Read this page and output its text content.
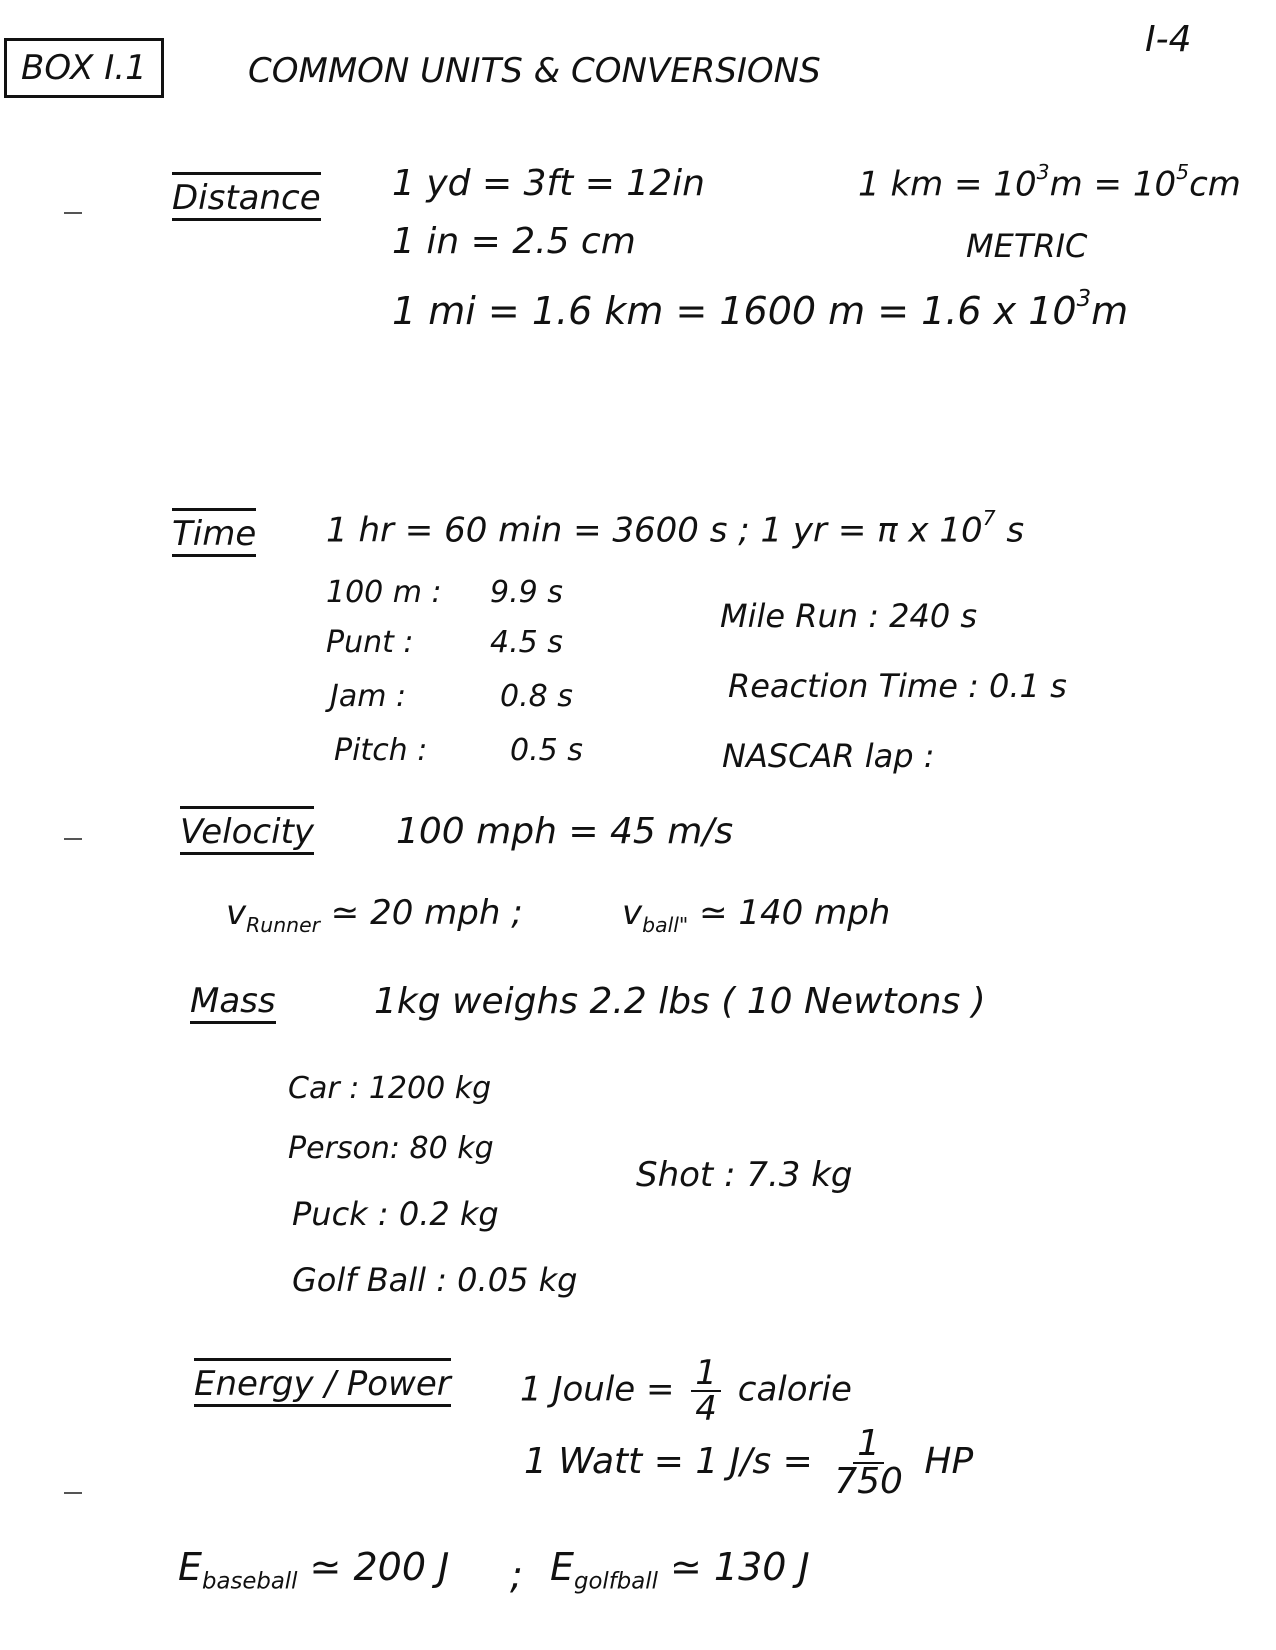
BOX I.1	COMMON UNITS & CONVERSIONS
I-4
Distance 1 yd = 3ft = 12in
1 in = 2.5 cm
1 mi = 1.6 km = 1600 m = 1.6 x $10^3m$
1 km = $10^3m = 10^5cm$
METRIC
Time 1 hr = 60 min = 3600 s ; 1 yr = π x $10^7$ s
100 m : 9.9 s
Punt :	4.5 s
Jam :	0.8 s
Pitch :	0.5 s
Mile Run : 240 s
Reaction Time : 0.1 s
NASCAR lap :
Velocity 100 mph = 45 m/s
$v_{Runner}$ ≃ 20 mph ;	$v_{ball"}$ ≃ 140 mph
Mass	1kg weighs 2.2 lbs ( 10 Newtons )
Car : 1200 kg
Person: 80 kg
Puck : 0.2 kg
Golf Ball : 0.05 kg
Shot : 7.3 kg
Energy / Power 1 Joule = $\frac{1}{4}$ calorie
1 Watt = 1 $J/s = \frac{1}{750}$ HP
$E_{baseball}$ ≃ 200 J ; $E_{golfball}$ ≃ 130 J
